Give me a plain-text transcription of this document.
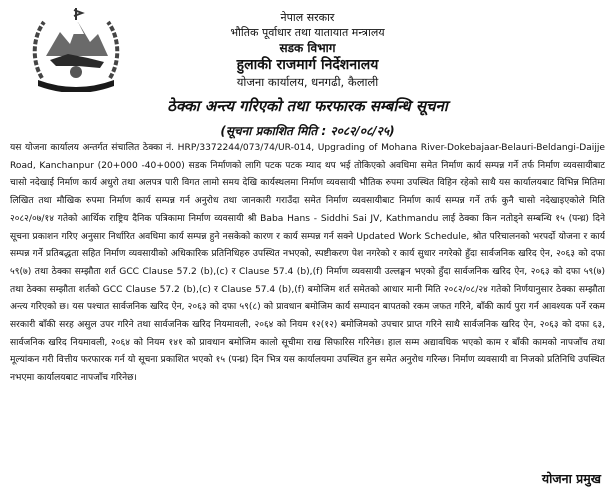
नेपाल सरकार
भौतिक पूर्वाधार तथा यातायात मन्त्रालय
सडक विभाग
हुलाकी राजमार्ग निर्देशनालय
योजना कार्यालय, धनगढी, कैलाली
ठेक्का अन्त्य गरिएको तथा फरफारक सम्बन्धि सूचना
(सूचना प्रकाशित मिति : २०८२/०८/२५)

यस योजना कार्यालय अन्तर्गत संचालित ठेक्का नं. HRP/3372244/073/74/UR-014, Upgrading of Mohana River-Dokebajaar-Belauri-Beldangi-Daijje Road, Kanchanpur (20+000 -40+000) सडक निर्माणको लागि पटक पटक म्याद थप भई तोकिएको अवधिमा समेत निर्माण कार्य सम्पन्न गर्ने तर्फ निर्माण व्यवसायीबाट चासो नदेखाई निर्माण कार्य अधुरो तथा अलपत्र पारी विगत लामो समय देखि कार्यस्थलमा निर्माण व्यवसायी भौतिक रुपमा उपस्थित विहिन रहेको साथै यस कार्यालयबाट विभिन्न मितिमा लिखित तथा मौखिक रुपमा निर्माण कार्य सम्पन्न गर्न अनुरोध तथा जानकारी गराउँदा समेत निर्माण व्यवसायीबाट निर्माण कार्य सम्पन्न गर्ने तर्फ कुनै चासो नदेखाइएकोले मिति २०८२/०७/१४ गतेको आर्थिक राष्ट्रिय दैनिक पत्रिकामा निर्माण व्यवसायी श्री Baba Hans - Siddhi Sai JV, Kathmandu लाई ठेक्का किन नतोड्ने सम्बन्धि १५ (पन्ध्र) दिने सूचना प्रकाशन गरिए अनुसार निर्धारित अवधिमा कार्य सम्पन्न हुने नसकेको कारण र कार्य सम्पन्न गर्न सक्ने Updated Work Schedule, श्रोत परिचालनको भरपर्दो योजना र कार्य सम्पन्न गर्ने प्रतिबद्धता सहित निर्माण व्यवसायीको अधिकारिक प्रतिनिधिहरु उपस्थित नभएको, स्पष्टीकरण पेश नगरेको र कार्य सुधार नगरेको हुँदा सार्वजनिक खरिद ऐन, २०६३ को दफा ५९(७) तथा ठेक्का सम्झौता शर्त GCC Clause 57.2 (b),(c) र Clause 57.4 (b),(f) निर्माण व्यवसायी उल्लङ्घन भएको हुँदा सार्वजनिक खरिद ऐन, २०६३ को दफा ५९(७) तथा ठेक्का सम्झौता शर्तको GCC Clause 57.2 (b),(c) र Clause 57.4 (b),(f) बमोजिम शर्त समेतको आधार मानी मिति २०८२/०८/२४ गतेको निर्णयानुसार ठेक्का सम्झौता अन्त्य गरिएको छ। यस पश्चात सार्वजनिक खरिद ऐन, २०६३ को दफा ५९(८) को प्रावधान बमोजिम कार्य सम्पादन बापतको रकम जफत गरिने, बाँकी कार्य पुरा गर्न आवश्यक पर्ने रकम सरकारी बाँकी सरह असुल उपर गरिने तथा सार्वजनिक खरिद नियमावली, २०६४ को नियम १२(१२) बमोजिमको उपचार प्राप्त गरिने साथै सार्वजनिक खरिद ऐन, २०६३ को दफा ६३, सार्वजनिक खरिद नियमावली, २०६४ को नियम १४१ को प्रावधान बमोजिम कालो सूचीमा राख सिफारिस गरिनेछ। हाल सम्म अद्यावधिक भएको काम र बाँकी कामको नापजाँच तथा मूल्यांकन गरी वित्तीय फरफारक गर्न यो सूचना प्रकाशित भएको १५ (पन्ध्र) दिन भित्र यस कार्यालयमा उपस्थित हुन समेत अनुरोध गरिन्छ। निर्माण व्यवसायी वा निजको प्रतिनिधि उपस्थित नभएमा कार्यालयबाट नापजाँच गरिनेछ।

योजना प्रमुख
